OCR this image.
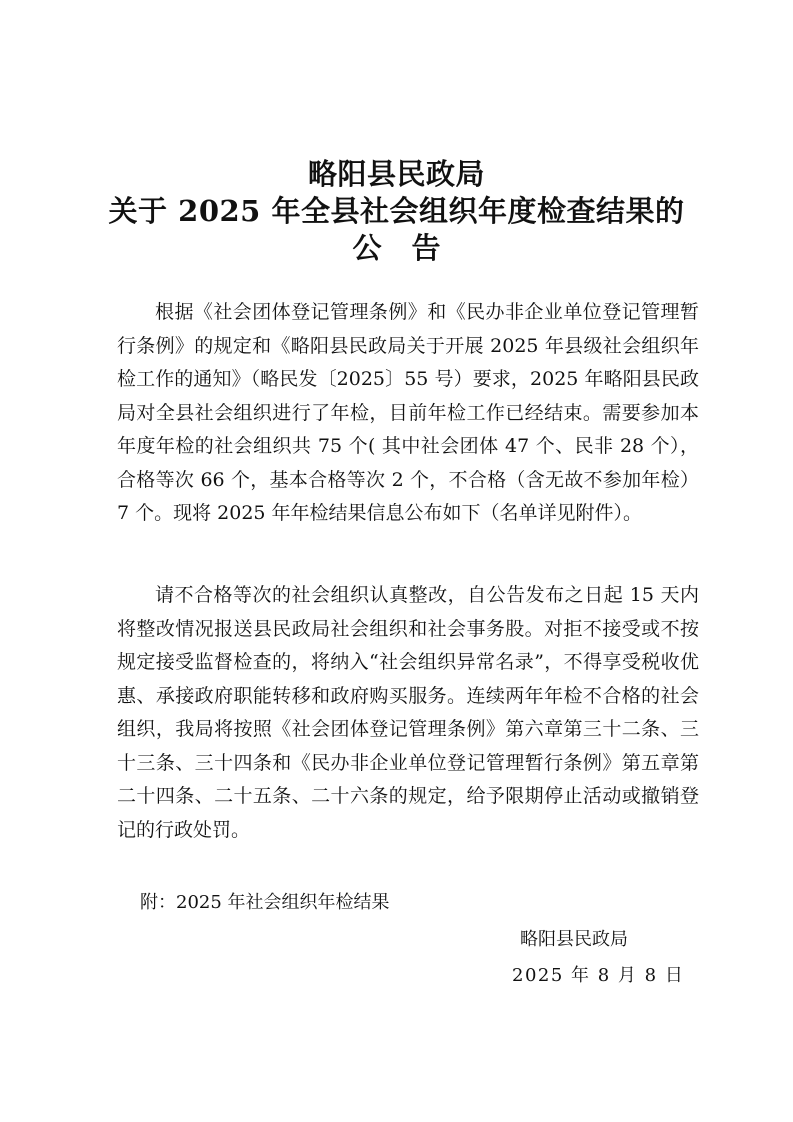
略阳县民政局
关于 2025 年全县社会组织年度检查结果的
公告
根据《社会团体登记管理条例》和《民办非企业单位登记管理暂行条例》的规定和《略阳县民政局关于开展 2025 年县级社会组织年检工作的通知》（略民发〔2025〕55 号）要求，2025 年略阳县民政局对全县社会组织进行了年检，目前年检工作已经结束。需要参加本年度年检的社会组织共 75 个( 其中社会团体 47 个、民非 28 个），合格等次 66 个，基本合格等次 2 个，不合格（含无故不参加年检）7 个。现将 2025 年年检结果信息公布如下（名单详见附件）。
请不合格等次的社会组织认真整改，自公告发布之日起 15 天内将整改情况报送县民政局社会组织和社会事务股。对拒不接受或不按规定接受监督检查的，将纳入“社会组织异常名录”，不得享受税收优惠、承接政府职能转移和政府购买服务。连续两年年检不合格的社会组织，我局将按照《社会团体登记管理条例》第六章第三十二条、三十三条、三十四条和《民办非企业单位登记管理暂行条例》第五章第二十四条、二十五条、二十六条的规定，给予限期停止活动或撤销登记的行政处罚。
附：2025 年社会组织年检结果
略阳县民政局
2025 年 8 月 8 日
